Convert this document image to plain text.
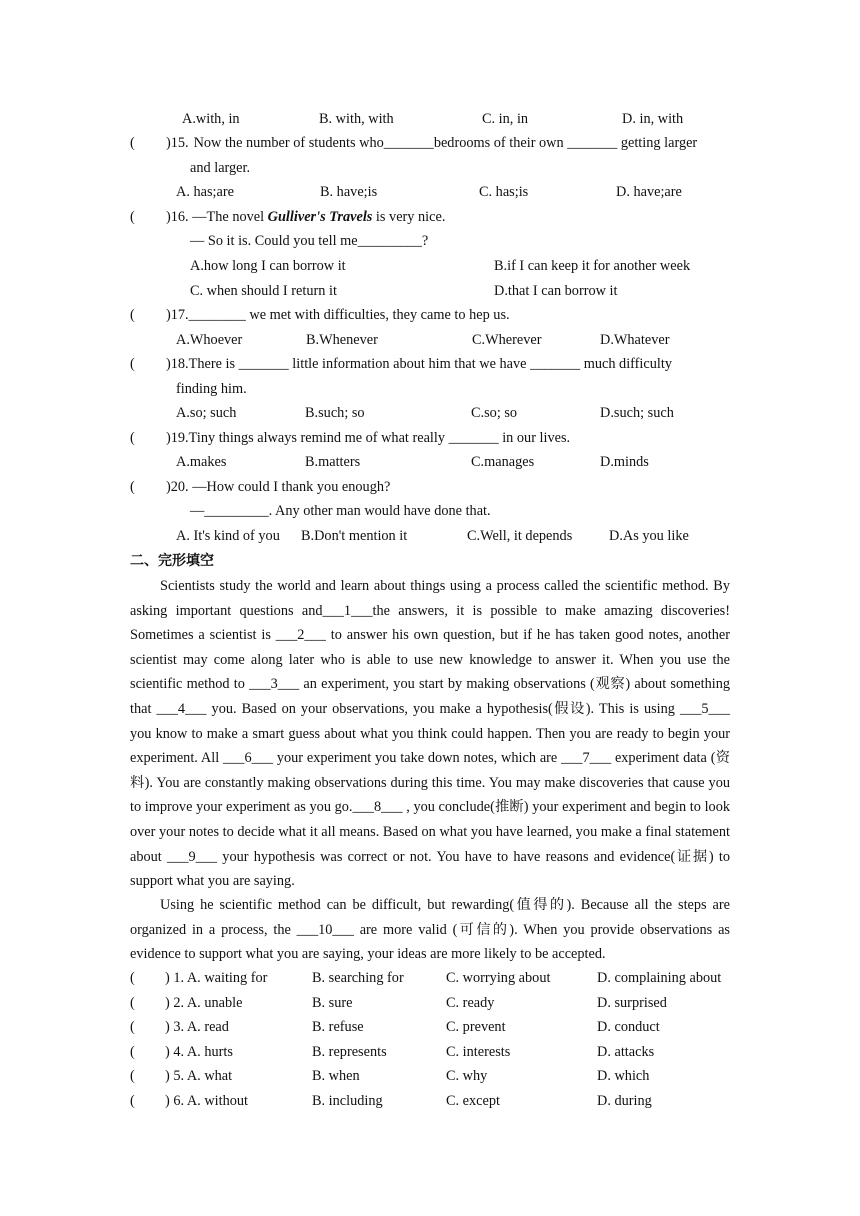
A.with, in	B. with, with	C. in, in	D. in, with
( )15. Now the number of students who_______bedrooms of their own _______ getting larger
and larger.
A. has;are	B. have;is	C. has;is	D. have;are
( )16. —The novel Gulliver's Travels is very nice.
— So it is. Could you tell me_________?
A.how long I can borrow it	B.if I can keep it for another week
C. when should I return it	D.that I can borrow it
( )17.________ we met with difficulties, they came to hep us.
A.Whoever	B.Whenever	C.Wherever	D.Whatever
( )18.There is _______ little information about him that we have _______ much difficulty
finding him.
A.so; such	B.such; so	C.so; so	D.such; such
( )19.Tiny things always remind me of what really _______ in our lives.
A.makes	B.matters	C.manages	D.minds
( )20. —How could I thank you enough?
—_________. Any other man would have done that.
A. It's kind of you B.Don't mention it	C.Well, it depends	D.As you like
二、完形填空
Scientists study the world and learn about things using a process called the scientific method. By asking important questions and___1___the answers, it is possible to make amazing discoveries! Sometimes a scientist is ___2___ to answer his own question, but if he has taken good notes, another scientist may come along later who is able to use new knowledge to answer it. When you use the scientific method to ___3___ an experiment, you start by making observations (观察) about something that ___4___ you. Based on your observations, you make a hypothesis(假设). This is using ___5___ you know to make a smart guess about what you think could happen. Then you are ready to begin your experiment. All ___6___ your experiment you take down notes, which are ___7___ experiment data (资料). You are constantly making observations during this time. You may make discoveries that cause you to improve your experiment as you go.___8___ , you conclude(推断) your experiment and begin to look over your notes to decide what it all means. Based on what you have learned, you make a final statement about ___9___ your hypothesis was correct or not. You have to have reasons and evidence(证据) to support what you are saying.
Using he scientific method can be difficult, but rewarding(值得的). Because all the steps are organized in a process, the ___10___ are more valid (可信的). When you provide observations as evidence to support what you are saying, your ideas are more likely to be accepted.
( ) 1. A. waiting for	B. searching for	C. worrying about	D. complaining about
( ) 2. A. unable	B. sure	C. ready	D. surprised
( ) 3. A. read	B. refuse	C. prevent	D. conduct
( ) 4. A. hurts	B. represents	C. interests	D. attacks
( ) 5. A. what	B. when	C. why	D. which
( ) 6. A. without	B. including	C. except	D. during
